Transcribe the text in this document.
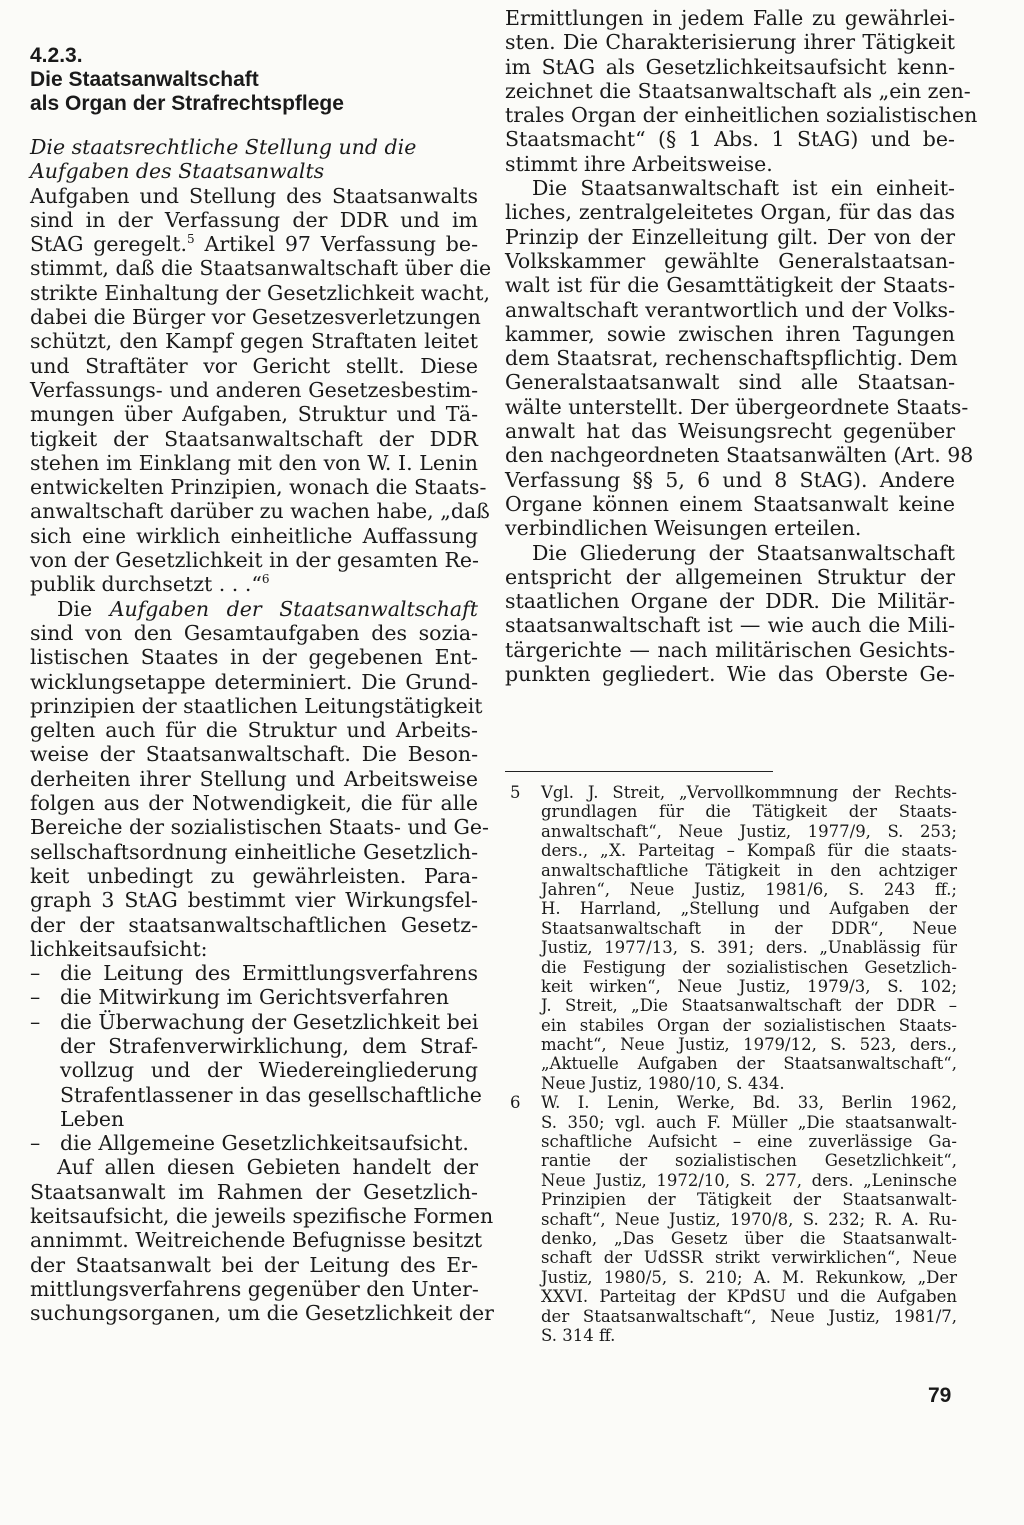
4.2.3.
Die Staatsanwaltschaft
als Organ der Strafrechtspflege
Die staatsrechtliche Stellung und die
Aufgaben des Staatsanwalts
Aufgaben und Stellung des Staatsanwalts
sind in der Verfassung der DDR und im
StAG geregelt.$^5$ Artikel 97 Verfassung be-
stimmt, daß die Staatsanwaltschaft über die
strikte Einhaltung der Gesetzlichkeit wacht,
dabei die Bürger vor Gesetzesverletzungen
schützt, den Kampf gegen Straftaten leitet
und Straftäter vor Gericht stellt. Diese
Verfassungs- und anderen Gesetzesbestim-
mungen über Aufgaben, Struktur und Tä-
tigkeit der Staatsanwaltschaft der DDR
stehen im Einklang mit den von W. I. Lenin
entwickelten Prinzipien, wonach die Staats-
anwaltschaft darüber zu wachen habe, „daß
sich eine wirklich einheitliche Auffassung
von der Gesetzlichkeit in der gesamten Re-
publik durchsetzt . . .“$^6$
Die Aufgaben der Staatsanwaltschaft
sind von den Gesamtaufgaben des sozia-
listischen Staates in der gegebenen Ent-
wicklungsetappe determiniert. Die Grund-
prinzipien der staatlichen Leitungstätigkeit
gelten auch für die Struktur und Arbeits-
weise der Staatsanwaltschaft. Die Beson-
derheiten ihrer Stellung und Arbeitsweise
folgen aus der Notwendigkeit, die für alle
Bereiche der sozialistischen Staats- und Ge-
sellschaftsordnung einheitliche Gesetzlich-
keit unbedingt zu gewährleisten. Para-
graph 3 StAG bestimmt vier Wirkungsfel-
der der staatsanwaltschaftlichen Gesetz-
lichkeitsaufsicht:
– die Leitung des Ermittlungsverfahrens
– die Mitwirkung im Gerichtsverfahren
– die Überwachung der Gesetzlichkeit bei
der Strafenverwirklichung, dem Straf-
vollzug und der Wiedereingliederung
Strafentlassener in das gesellschaftliche
Leben
– die Allgemeine Gesetzlichkeitsaufsicht.
Auf allen diesen Gebieten handelt der
Staatsanwalt im Rahmen der Gesetzlich-
keitsaufsicht, die jeweils spezifische Formen
annimmt. Weitreichende Befugnisse besitzt
der Staatsanwalt bei der Leitung des Er-
mittlungsverfahrens gegenüber den Unter-
suchungsorganen, um die Gesetzlichkeit der
Ermittlungen in jedem Falle zu gewährlei-
sten. Die Charakterisierung ihrer Tätigkeit
im StAG als Gesetzlichkeitsaufsicht kenn-
zeichnet die Staatsanwaltschaft als „ein zen-
trales Organ der einheitlichen sozialistischen
Staatsmacht“ (§ 1 Abs. 1 StAG) und be-
stimmt ihre Arbeitsweise.
Die Staatsanwaltschaft ist ein einheit-
liches, zentralgeleitetes Organ, für das das
Prinzip der Einzelleitung gilt. Der von der
Volkskammer gewählte Generalstaatsan-
walt ist für die Gesamttätigkeit der Staats-
anwaltschaft verantwortlich und der Volks-
kammer, sowie zwischen ihren Tagungen
dem Staatsrat, rechenschaftspflichtig. Dem
Generalstaatsanwalt sind alle Staatsan-
wälte unterstellt. Der übergeordnete Staats-
anwalt hat das Weisungsrecht gegenüber
den nachgeordneten Staatsanwälten (Art. 98
Verfassung §§ 5, 6 und 8 StAG). Andere
Organe können einem Staatsanwalt keine
verbindlichen Weisungen erteilen.
Die Gliederung der Staatsanwaltschaft
entspricht der allgemeinen Struktur der
staatlichen Organe der DDR. Die Militär-
staatsanwaltschaft ist — wie auch die Mili-
tärgerichte — nach militärischen Gesichts-
punkten gegliedert. Wie das Oberste Ge-
5 Vgl. J. Streit, „Vervollkommnung der Rechts-
grundlagen für die Tätigkeit der Staats-
anwaltschaft“, Neue Justiz, 1977/9, S. 253;
ders., „X. Parteitag – Kompaß für die staats-
anwaltschaftliche Tätigkeit in den achtziger
Jahren“, Neue Justiz, 1981/6, S. 243 ff.;
H. Harrland, „Stellung und Aufgaben der
Staatsanwaltschaft in der DDR“, Neue
Justiz, 1977/13, S. 391; ders. „Unablässig für
die Festigung der sozialistischen Gesetzlich-
keit wirken“, Neue Justiz, 1979/3, S. 102;
J. Streit, „Die Staatsanwaltschaft der DDR –
ein stabiles Organ der sozialistischen Staats-
macht“, Neue Justiz, 1979/12, S. 523, ders.,
„Aktuelle Aufgaben der Staatsanwaltschaft“,
Neue Justiz, 1980/10, S. 434.
6 W. I. Lenin, Werke, Bd. 33, Berlin 1962,
S. 350; vgl. auch F. Müller „Die staatsanwalt-
schaftliche Aufsicht – eine zuverlässige Ga-
rantie der sozialistischen Gesetzlichkeit“,
Neue Justiz, 1972/10, S. 277, ders. „Leninsche
Prinzipien der Tätigkeit der Staatsanwalt-
schaft“, Neue Justiz, 1970/8, S. 232; R. A. Ru-
denko, „Das Gesetz über die Staatsanwalt-
schaft der UdSSR strikt verwirklichen“, Neue
Justiz, 1980/5, S. 210; A. M. Rekunkow, „Der
XXVI. Parteitag der KPdSU und die Aufgaben
der Staatsanwaltschaft“, Neue Justiz, 1981/7,
S. 314 ff.
79
